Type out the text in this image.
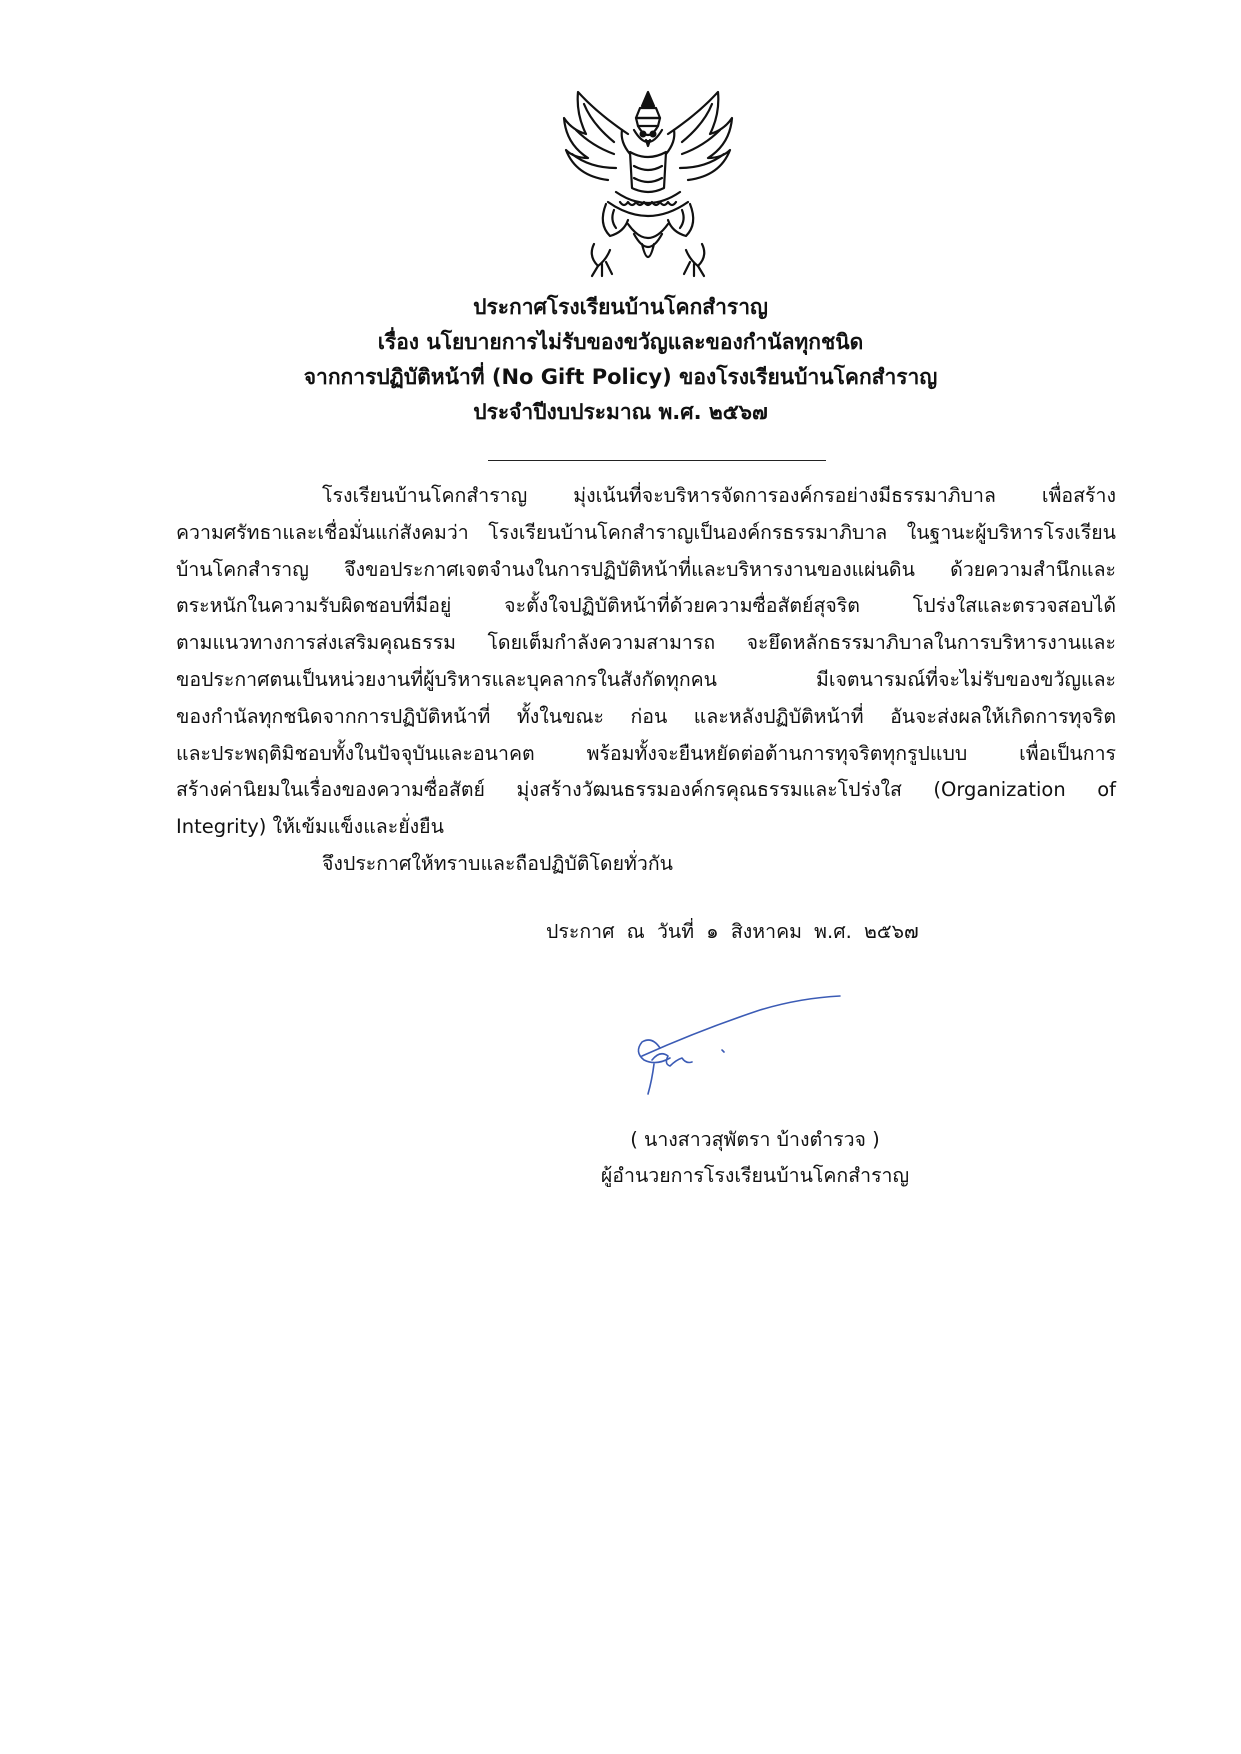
ประกาศโรงเรียนบ้านโคกสำราญ
เรื่อง นโยบายการไม่รับของขวัญและของกำนัลทุกชนิด
จากการปฏิบัติหน้าที่ (No Gift Policy) ของโรงเรียนบ้านโคกสำราญ
ประจำปีงบประมาณ พ.ศ. ๒๕๖๗
โรงเรียนบ้านโคกสำราญ มุ่งเน้นที่จะบริหารจัดการองค์กรอย่างมีธรรมาภิบาล เพื่อสร้าง
ความศรัทธาและเชื่อมั่นแก่สังคมว่า โรงเรียนบ้านโคกสำราญเป็นองค์กรธรรมาภิบาล ในฐานะผู้บริหารโรงเรียน
บ้านโคกสำราญ จึงขอประกาศเจตจำนงในการปฏิบัติหน้าที่และบริหารงานของแผ่นดิน ด้วยความสำนึกและ
ตระหนักในความรับผิดชอบที่มีอยู่ จะตั้งใจปฏิบัติหน้าที่ด้วยความซื่อสัตย์สุจริต โปร่งใสและตรวจสอบได้
ตามแนวทางการส่งเสริมคุณธรรม โดยเต็มกำลังความสามารถ จะยึดหลักธรรมาภิบาลในการบริหารงานและ
ขอประกาศตนเป็นหน่วยงานที่ผู้บริหารและบุคลากรในสังกัดทุกคน มีเจตนารมณ์ที่จะไม่รับของขวัญและ
ของกำนัลทุกชนิดจากการปฏิบัติหน้าที่ ทั้งในขณะ ก่อน และหลังปฏิบัติหน้าที่ อันจะส่งผลให้เกิดการทุจริต
และประพฤติมิชอบทั้งในปัจจุบันและอนาคต พร้อมทั้งจะยืนหยัดต่อต้านการทุจริตทุกรูปแบบ เพื่อเป็นการ
สร้างค่านิยมในเรื่องของความซื่อสัตย์ มุ่งสร้างวัฒนธรรมองค์กรคุณธรรมและโปร่งใส (Organization of
Integrity) ให้เข้มแข็งและยั่งยืน
จึงประกาศให้ทราบและถือปฏิบัติโดยทั่วกัน
ประกาศ ณ วันที่ ๑ สิงหาคม พ.ศ. ๒๕๖๗
( นางสาวสุพัตรา บ้างตำรวจ )
ผู้อำนวยการโรงเรียนบ้านโคกสำราญ
